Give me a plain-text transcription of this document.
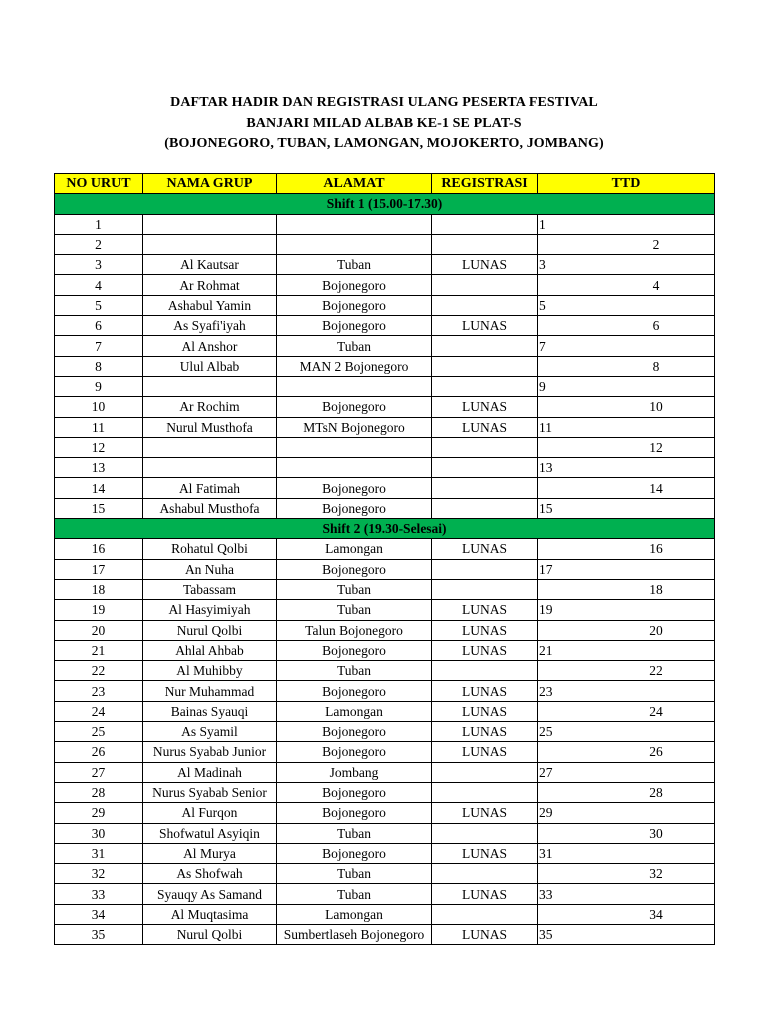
DAFTAR HADIR DAN REGISTRASI ULANG PESERTA FESTIVAL
BANJARI MILAD ALBAB KE-1 SE PLAT-S
(BOJONEGORO, TUBAN, LAMONGAN, MOJOKERTO, JOMBANG)
NO URUT	NAMA GRUP	ALAMAT	REGISTRASI	TTD
Shift 1 (15.00-17.30)				
1				1
2				2
3	Al Kautsar	Tuban	LUNAS	3
4	Ar Rohmat	Bojonegoro		4
5	Ashabul Yamin	Bojonegoro		5
6	As Syafi'iyah	Bojonegoro	LUNAS	6
7	Al Anshor	Tuban		7
8	Ulul Albab	MAN 2 Bojonegoro		8
9				9
10	Ar Rochim	Bojonegoro	LUNAS	10
11	Nurul Musthofa	MTsN Bojonegoro	LUNAS	11
12				12
13				13
14	Al Fatimah	Bojonegoro		14
15	Ashabul Musthofa	Bojonegoro		15
Shift 2 (19.30-Selesai)				
16	Rohatul Qolbi	Lamongan	LUNAS	16
17	An Nuha	Bojonegoro		17
18	Tabassam	Tuban		18
19	Al Hasyimiyah	Tuban	LUNAS	19
20	Nurul Qolbi	Talun Bojonegoro	LUNAS	20
21	Ahlal Ahbab	Bojonegoro	LUNAS	21
22	Al Muhibby	Tuban		22
23	Nur Muhammad	Bojonegoro	LUNAS	23
24	Bainas Syauqi	Lamongan	LUNAS	24
25	As Syamil	Bojonegoro	LUNAS	25
26	Nurus Syabab Junior	Bojonegoro	LUNAS	26
27	Al Madinah	Jombang		27
28	Nurus Syabab Senior	Bojonegoro		28
29	Al Furqon	Bojonegoro	LUNAS	29
30	Shofwatul Asyiqin	Tuban		30
31	Al Murya	Bojonegoro	LUNAS	31
32	As Shofwah	Tuban		32
33	Syauqy As Samand	Tuban	LUNAS	33
34	Al Muqtasima	Lamongan		34
35	Nurul Qolbi	Sumbertlaseh Bojonegoro	LUNAS	35
